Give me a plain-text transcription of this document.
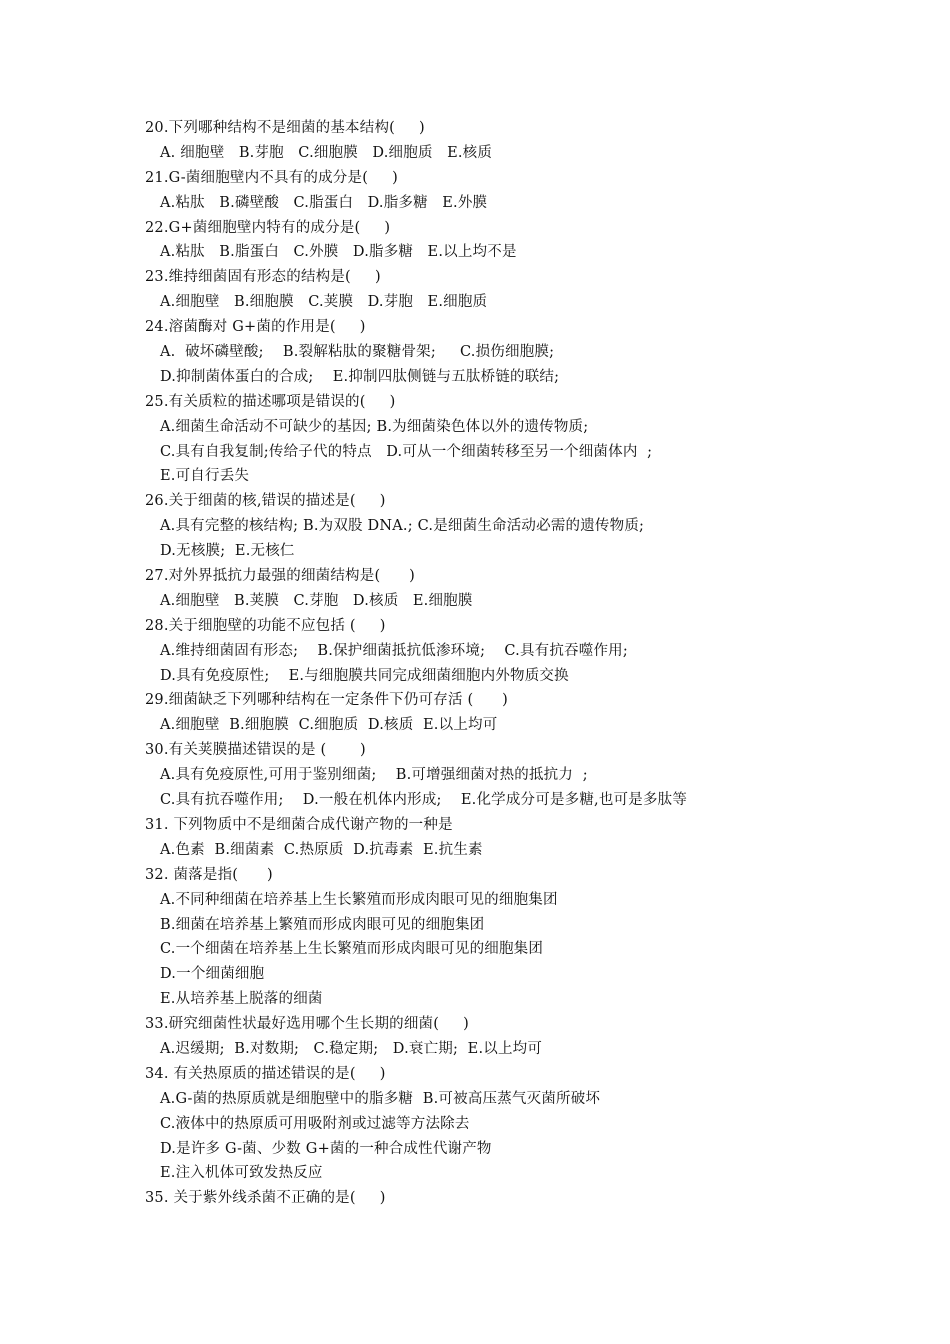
20.下列哪种结构不是细菌的基本结构(     )
A. 细胞壁   B.芽胞   C.细胞膜   D.细胞质   E.核质
21.G-菌细胞壁内不具有的成分是(     )
A.粘肽   B.磷壁酸   C.脂蛋白   D.脂多糖   E.外膜
22.G+菌细胞壁内特有的成分是(     )
A.粘肽   B.脂蛋白   C.外膜   D.脂多糖   E.以上均不是
23.维持细菌固有形态的结构是(     )
A.细胞壁   B.细胞膜   C.荚膜   D.芽胞   E.细胞质
24.溶菌酶对 G+菌的作用是(     )
A.  破坏磷壁酸;    B.裂解粘肽的聚糖骨架;     C.损伤细胞膜;
D.抑制菌体蛋白的合成;    E.抑制四肽侧链与五肽桥链的联结;
25.有关质粒的描述哪项是错误的(     )
A.细菌生命活动不可缺少的基因; B.为细菌染色体以外的遗传物质;
C.具有自我复制;传给子代的特点   D.可从一个细菌转移至另一个细菌体内  ;
E.可自行丢失
26.关于细菌的核,错误的描述是(     )
A.具有完整的核结构; B.为双股 DNA.; C.是细菌生命活动必需的遗传物质;
D.无核膜;  E.无核仁
27.对外界抵抗力最强的细菌结构是(      )
A.细胞壁   B.荚膜   C.芽胞   D.核质   E.细胞膜
28.关于细胞壁的功能不应包括 (     )
A.维持细菌固有形态;    B.保护细菌抵抗低渗环境;    C.具有抗吞噬作用;
D.具有免疫原性;    E.与细胞膜共同完成细菌细胞内外物质交换
29.细菌缺乏下列哪种结构在一定条件下仍可存活 (      )
A.细胞壁  B.细胞膜  C.细胞质  D.核质  E.以上均可
30.有关荚膜描述错误的是 (       )
A.具有免疫原性,可用于鉴别细菌;    B.可增强细菌对热的抵抗力  ;
C.具有抗吞噬作用;    D.一般在机体内形成;    E.化学成分可是多糖,也可是多肽等
31. 下列物质中不是细菌合成代谢产物的一种是
A.色素  B.细菌素  C.热原质  D.抗毒素  E.抗生素
32. 菌落是指(      )
A.不同种细菌在培养基上生长繁殖而形成肉眼可见的细胞集团
B.细菌在培养基上繁殖而形成肉眼可见的细胞集团
C.一个细菌在培养基上生长繁殖而形成肉眼可见的细胞集团
D.一个细菌细胞
E.从培养基上脱落的细菌
33.研究细菌性状最好选用哪个生长期的细菌(     )
A.迟缓期;  B.对数期;   C.稳定期;   D.衰亡期;  E.以上均可
34. 有关热原质的描述错误的是(     )
A.G-菌的热原质就是细胞壁中的脂多糖  B.可被高压蒸气灭菌所破坏
C.液体中的热原质可用吸附剂或过滤等方法除去
D.是许多 G-菌、少数 G+菌的一种合成性代谢产物
E.注入机体可致发热反应
35. 关于紫外线杀菌不正确的是(     )
